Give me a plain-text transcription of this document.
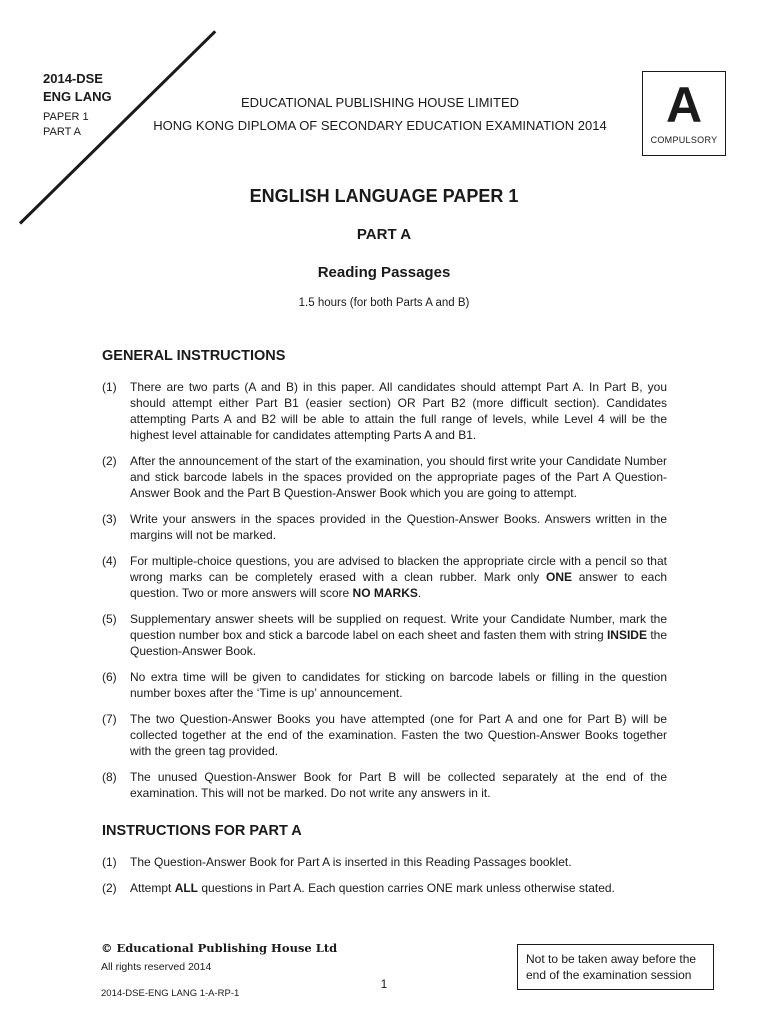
2014-DSE
ENG LANG
PAPER 1
PART A
EDUCATIONAL PUBLISHING HOUSE LIMITED
HONG KONG DIPLOMA OF SECONDARY EDUCATION EXAMINATION 2014	A
COMPULSORY
ENGLISH LANGUAGE PAPER 1
PART A
Reading Passages
1.5 hours (for both Parts A and B)
GENERAL INSTRUCTIONS
(1)	There are two parts (A and B) in this paper. All candidates should attempt Part A. In Part B, you should attempt either Part B1 (easier section) OR Part B2 (more difficult section). Candidates attempting Parts A and B2 will be able to attain the full range of levels, while Level 4 will be the highest level attainable for candidates attempting Parts A and B1.
(2)	After the announcement of the start of the examination, you should first write your Candidate Number and stick barcode labels in the spaces provided on the appropriate pages of the Part A Question-Answer Book and the Part B Question-Answer Book which you are going to attempt.
(3)	Write your answers in the spaces provided in the Question-Answer Books. Answers written in the margins will not be marked.
(4)	For multiple-choice questions, you are advised to blacken the appropriate circle with a pencil so that wrong marks can be completely erased with a clean rubber. Mark only ONE answer to each question. Two or more answers will score NO MARKS.
(5)	Supplementary answer sheets will be supplied on request. Write your Candidate Number, mark the question number box and stick a barcode label on each sheet and fasten them with string INSIDE the Question-Answer Book.
(6)	No extra time will be given to candidates for sticking on barcode labels or filling in the question number boxes after the ‘Time is up’ announcement.
(7)	The two Question-Answer Books you have attempted (one for Part A and one for Part B) will be collected together at the end of the examination. Fasten the two Question-Answer Books together with the green tag provided.
(8)	The unused Question-Answer Book for Part B will be collected separately at the end of the examination. This will not be marked. Do not write any answers in it.
INSTRUCTIONS FOR PART A
(1)	The Question-Answer Book for Part A is inserted in this Reading Passages booklet.
(2)	Attempt ALL questions in Part A. Each question carries ONE mark unless otherwise stated.
© Educational Publishing House Ltd
All rights reserved 2014
2014-DSE-ENG LANG 1-A-RP-1
1
Not to be taken away before the end of the examination session
